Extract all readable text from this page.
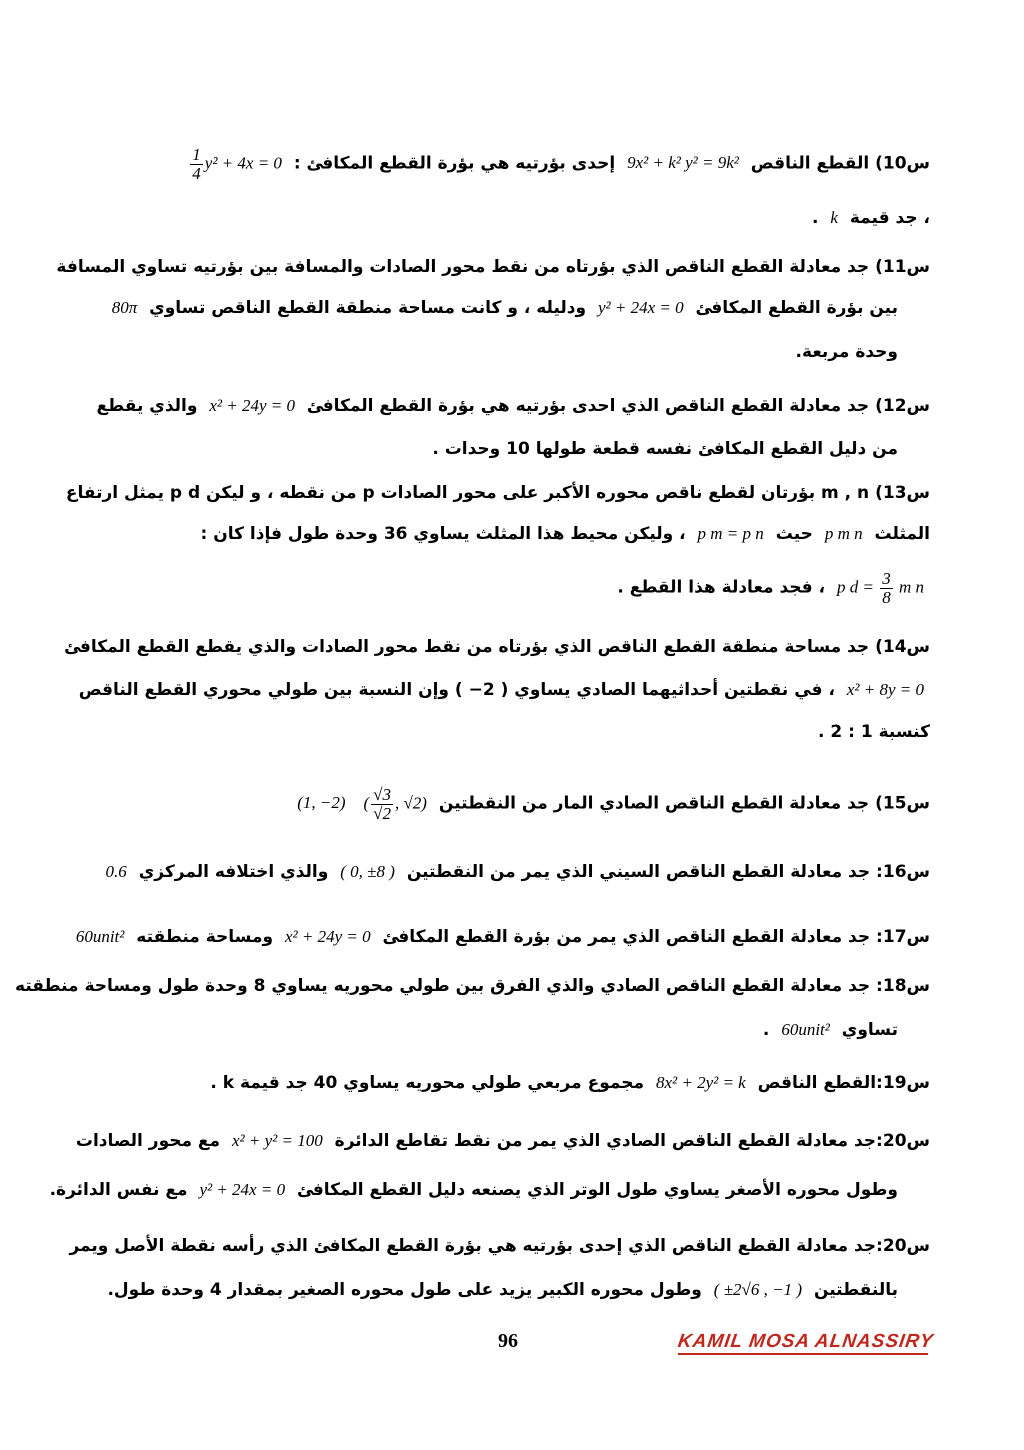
س10) القطع الناقص 9x² + k² y² = 9k² إحدى بؤرتيه هي بؤرة القطع المكافئ :
$\frac{1}{4} y^2 + 4x = 0$
، جد قيمة k .
س11) جد معادلة القطع الناقص الذي بؤرتاه من نقط محور الصادات والمسافة بين بؤرتيه تساوي المسافة
بين بؤرة القطع المكافئ y² + 24x = 0 ودليله ، و كانت مساحة منطقة القطع الناقص تساوي 80π
وحدة مربعة.
س12) جد معادلة القطع الناقص الذي احدى بؤرتيه هي بؤرة القطع المكافئ x² + 24y = 0 والذي يقطع
من دليل القطع المكافئ نفسه قطعة طولها 10 وحدات .
س13) m , n بؤرتان لقطع ناقص محوره الأكبر على محور الصادات p من نقطه ، و ليكن p d يمثل ارتفاع
المثلث p m n حيث p m = p n ، وليكن محيط هذا المثلث يساوي 36 وحدة طول فإذا كان :
p $d = \frac{3}{8}$ m n ، فجد معادلة هذا القطع .
س14) جد مساحة منطقة القطع الناقص الذي بؤرتاه من نقط محور الصادات والذي يقطع القطع المكافئ
x² + 8y = 0 ، في نقطتين أحداثيهما الصادي يساوي ( 2− ) وإن النسبة بين طولي محوري القطع الناقص
كنسبة 1 : 2 .
س15) جد معادلة القطع الناقص الصادي المار من النقطتين ( $\frac{√3}{√2}$ , √2) (1, −2)
س16: جد معادلة القطع الناقص السيني الذي يمر من النقطتين ( 0, ±8 ) والذي اختلافه المركزي 0.6
س17: جد معادلة القطع الناقص الذي يمر من بؤرة القطع المكافئ x² + 24y = 0 ومساحة منطقته 60unit²
س18: جد معادلة القطع الناقص الصادي والذي الفرق بين طولي محوريه يساوي 8 وحدة طول ومساحة منطقته
تساوي 60unit² .
س19:القطع الناقص 8x² + 2y² = k مجموع مربعي طولي محوريه يساوي 40 جد قيمة k .
س20:جد معادلة القطع الناقص الصادي الذي يمر من نقط تقاطع الدائرة x² + y² = 100 مع محور الصادات
وطول محوره الأصغر يساوي طول الوتر الذي يصنعه دليل القطع المكافئ y² + 24x = 0 مع نفس الدائرة.
س20:جد معادلة القطع الناقص الذي إحدى بؤرتيه هي بؤرة القطع المكافئ الذي رأسه نقطة الأصل ويمر
بالنقطتين ( ±2√6 , −1 ) وطول محوره الكبير يزيد على طول محوره الصغير بمقدار 4 وحدة طول.
96	KAMIL MOSA ALNASSIRY
